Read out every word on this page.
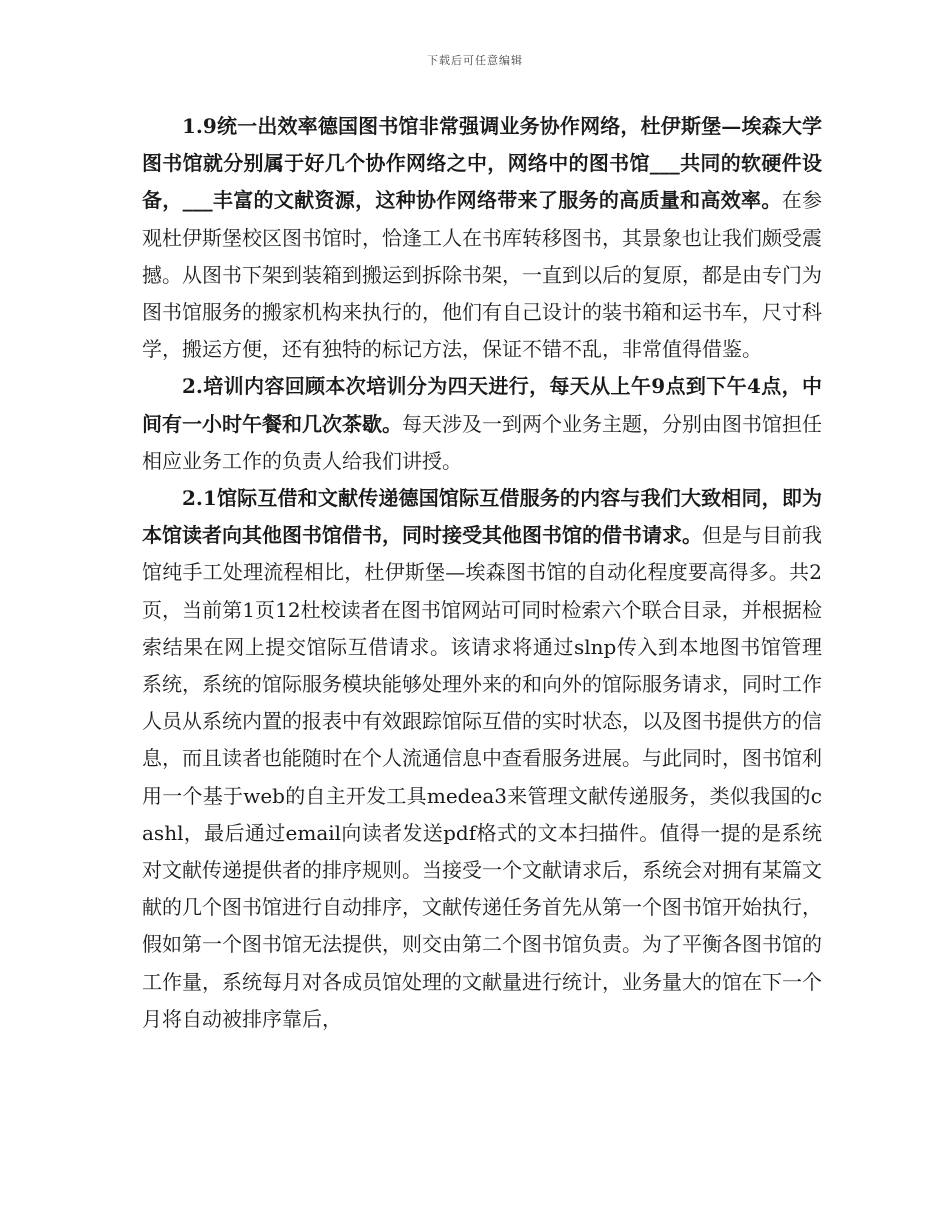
下载后可任意编辑

1.9统一出效率德国图书馆非常强调业务协作网络，杜伊斯堡—埃森大学图书馆就分别属于好几个协作网络之中，网络中的图书馆___共同的软硬件设备，___丰富的文献资源，这种协作网络带来了服务的高质量和高效率。在参观杜伊斯堡校区图书馆时，恰逢工人在书库转移图书，其景象也让我们颇受震撼。从图书下架到装箱到搬运到拆除书架，一直到以后的复原，都是由专门为图书馆服务的搬家机构来执行的，他们有自己设计的装书箱和运书车，尺寸科学，搬运方便，还有独特的标记方法，保证不错不乱，非常值得借鉴。

2.培训内容回顾本次培训分为四天进行，每天从上午9点到下午4点，中间有一小时午餐和几次茶歇。每天涉及一到两个业务主题，分别由图书馆担任相应业务工作的负责人给我们讲授。

2.1馆际互借和文献传递德国馆际互借服务的内容与我们大致相同，即为本馆读者向其他图书馆借书，同时接受其他图书馆的借书请求。但是与目前我馆纯手工处理流程相比，杜伊斯堡—埃森图书馆的自动化程度要高得多。共2页，当前第1页12杜校读者在图书馆网站可同时检索六个联合目录，并根据检索结果在网上提交馆际互借请求。该请求将通过slnp传入到本地图书馆管理系统，系统的馆际服务模块能够处理外来的和向外的馆际服务请求，同时工作人员从系统内置的报表中有效跟踪馆际互借的实时状态，以及图书提供方的信息，而且读者也能随时在个人流通信息中查看服务进展。与此同时，图书馆利用一个基于web的自主开发工具medea3来管理文献传递服务，类似我国的cashl，最后通过email向读者发送pdf格式的文本扫描件。值得一提的是系统对文献传递提供者的排序规则。当接受一个文献请求后，系统会对拥有某篇文献的几个图书馆进行自动排序，文献传递任务首先从第一个图书馆开始执行，假如第一个图书馆无法提供，则交由第二个图书馆负责。为了平衡各图书馆的工作量，系统每月对各成员馆处理的文献量进行统计，业务量大的馆在下一个月将自动被排序靠后，
